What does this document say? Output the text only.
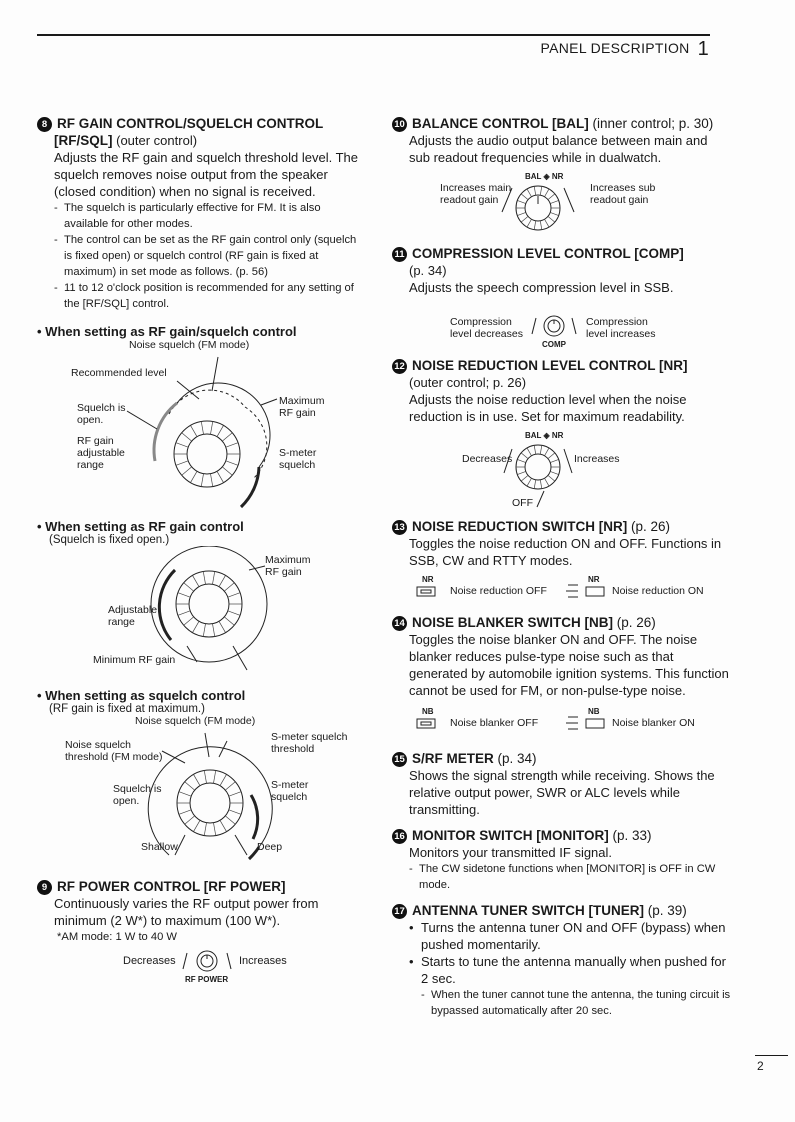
PANEL DESCRIPTION 1

8 RF GAIN CONTROL/SQUELCH CONTROL

[RF/SQL] (outer control)
Adjusts the RF gain and squelch threshold level. The squelch removes noise output from the speaker (closed condition) when no signal is received.
- The squelch is particularly effective for FM. It is also available for other modes.
- The control can be set as the RF gain control only (squelch is fixed open) or squelch control (RF gain is fixed at maximum) in set mode as follows. (p. 56)
- 11 to 12 o'clock position is recommended for any setting of the [RF/SQL] control.

• When setting as RF gain/squelch control

Noise squelch (FM mode)
Recommended level
Squelch is
open.
RF gain
adjustable
range
Maximum
RF gain
S-meter
squelch

• When setting as RF gain control

(Squelch is fixed open.)
Maximum
RF gain
Adjustable
range
Minimum RF gain

• When setting as squelch control

(RF gain is fixed at maximum.)
Noise squelch (FM mode)
Noise squelch
threshold (FM mode)
S-meter squelch
threshold
Squelch is
open.
S-meter
squelch
Shallow	Deep

9 RF POWER CONTROL [RF POWER]

Continuously varies the RF output power from minimum (2 W*) to maximum (100 W*).
*AM mode: 1 W to 40 W
Decreases	Increases
RF POWER

10 BALANCE CONTROL [BAL] (inner control; p. 30)

Adjusts the audio output balance between main and sub readout frequencies while in dualwatch.
BAL ◈ NR
Increases main
readout gain
Increases sub
readout gain

11 COMPRESSION LEVEL CONTROL [COMP]

(p. 34)
Adjusts the speech compression level in SSB.
Compression
level decreases
Compression
level increases
COMP

12 NOISE REDUCTION LEVEL CONTROL [NR]

(outer control; p. 26)
Adjusts the noise reduction level when the noise reduction is in use. Set for maximum readability.
BAL ◈ NR
Decreases	Increases
OFF

13 NOISE REDUCTION SWITCH [NR] (p. 26)

Toggles the noise reduction ON and OFF. Functions in SSB, CW and RTTY modes.
NR	NR
Noise reduction OFF	Noise reduction ON

14 NOISE BLANKER SWITCH [NB] (p. 26)

Toggles the noise blanker ON and OFF. The noise blanker reduces pulse-type noise such as that generated by automobile ignition systems. This function cannot be used for FM, or non-pulse-type noise.
NB	NB
Noise blanker OFF	Noise blanker ON

15 S/RF METER (p. 34)

Shows the signal strength while receiving. Shows the relative output power, SWR or ALC levels while transmitting.

16 MONITOR SWITCH [MONITOR] (p. 33)

Monitors your transmitted IF signal.
- The CW sidetone functions when [MONITOR] is OFF in CW mode.

17 ANTENNA TUNER SWITCH [TUNER] (p. 39)

• Turns the antenna tuner ON and OFF (bypass) when pushed momentarily.
• Starts to tune the antenna manually when pushed for 2 sec.
- When the tuner cannot tune the antenna, the tuning circuit is bypassed automatically after 20 sec.
2
